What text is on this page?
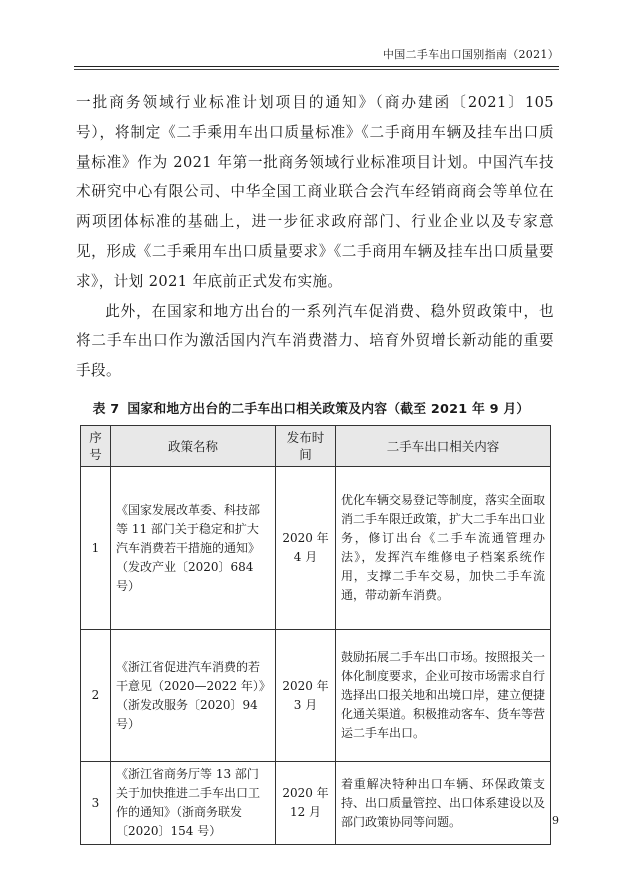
中国二手车出口国别指南（2021）

一批商务领域行业标准计划项目的通知》（商办建函〔2021〕105 号），将制定《二手乘用车出口质量标准》《二手商用车辆及挂车出口质量标准》作为 2021 年第一批商务领域行业标准项目计划。中国汽车技术研究中心有限公司、中华全国工商业联合会汽车经销商商会等单位在两项团体标准的基础上，进一步征求政府部门、行业企业以及专家意见，形成《二手乘用车出口质量要求》《二手商用车辆及挂车出口质量要求》，计划 2021 年底前正式发布实施。

此外，在国家和地方出台的一系列汽车促消费、稳外贸政策中，也将二手车出口作为激活国内汽车消费潜力、培育外贸增长新动能的重要手段。

表 7 国家和地方出台的二手车出口相关政策及内容（截至 2021 年 9 月）
序号	政策名称	发布时间	二手车出口相关内容
1	《国家发展改革委、科技部等 11 部门关于稳定和扩大汽车消费若干措施的通知》（发改产业〔2020〕684 号）	2020 年 4 月	优化车辆交易登记等制度，落实全面取消二手车限迁政策，扩大二手车出口业务，修订出台《二手车流通管理办法》，发挥汽车维修电子档案系统作用，支撑二手车交易，加快二手车流通，带动新车消费。
2	《浙江省促进汽车消费的若干意见（2020—2022 年）》（浙发改服务〔2020〕94 号）	2020 年 3 月	鼓励拓展二手车出口市场。按照报关一体化制度要求，企业可按市场需求自行选择出口报关地和出境口岸，建立便捷化通关渠道。积极推动客车、货车等营运二手车出口。
3	《浙江省商务厅等 13 部门关于加快推进二手车出口工作的通知》（浙商务联发〔2020〕154 号）	2020 年 12 月	着重解决特种出口车辆、环保政策支持、出口质量管控、出口体系建设以及部门政策协同等问题。	9
